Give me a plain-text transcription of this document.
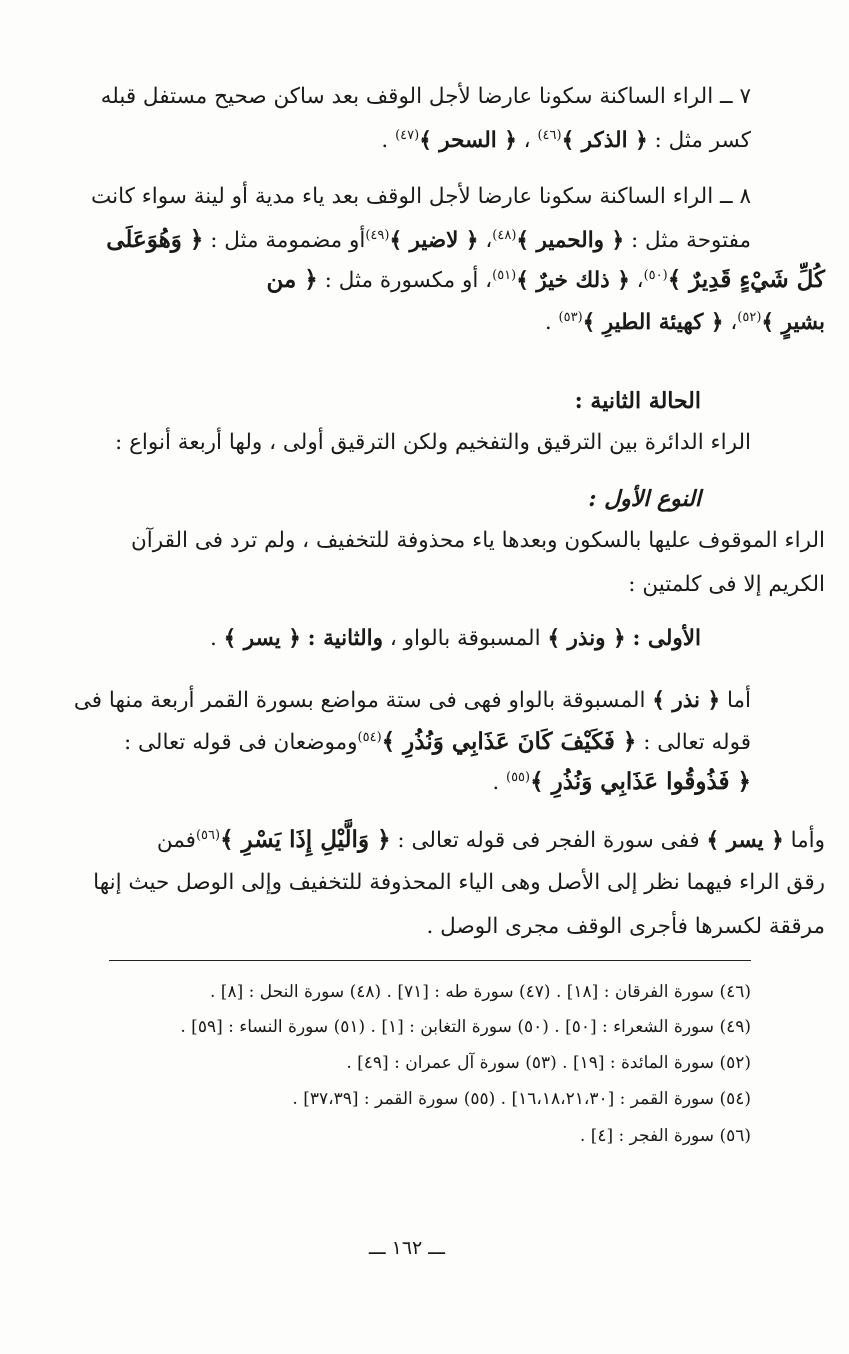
٧ ــ الراء الساكنة سكونا عارضا لأجل الوقف بعد ساكن صحيح مستفل قبله
كسر مثل : ﴿ الذكر ﴾$^{(٤٦)}$ ، ﴿ السحر ﴾$^{(٤٧)}$ .
٨ ــ الراء الساكنة سكونا عارضا لأجل الوقف بعد ياء مدية أو لينة سواء كانت
مفتوحة مثل : ﴿ والحمير ﴾$^{(٤٨)}$، ﴿ لاضير ﴾$^{(٤٩)}$أو مضمومة مثل : ﴿ وَهُوَعَلَى
كُلِّ شَيْءٍ قَدِيرٌ ﴾$^{(٥٠)}$، ﴿ ذلك خيرٌ ﴾$^{(٥١)}$، أو مكسورة مثل : ﴿ من
بشيرٍ ﴾$^{(٥٢)}$، ﴿ كهيئة الطيرِ ﴾$^{(٥٣)}$ .
الحالة الثانية :
الراء الدائرة بين الترقيق والتفخيم ولكن الترقيق أولى ، ولها أربعة أنواع :
النوع الأول :
الراء الموقوف عليها بالسكون وبعدها ياء محذوفة للتخفيف ، ولم ترد فى القرآن
الكريم إلا فى كلمتين :
الأولى : ﴿ ونذر ﴾ المسبوقة بالواو ، والثانية : ﴿ يسر ﴾ .
أما ﴿ نذر ﴾ المسبوقة بالواو فهى فى ستة مواضع بسورة القمر أربعة منها فى
قوله تعالى : ﴿ فَكَيْفَ كَانَ عَذَابِي وَنُذُرِ ﴾$^{(٥٤)}$وموضعان فى قوله تعالى :
﴿ فَذُوقُوا عَذَابِي وَنُذُرِ ﴾$^{(٥٥)}$ .
وأما ﴿ يسر ﴾ ففى سورة الفجر فى قوله تعالى : ﴿ وَالَّيْلِ إِذَا يَسْرِ ﴾$^{(٥٦)}$فمن
رقق الراء فيهما نظر إلى الأصل وهى الياء المحذوفة للتخفيف وإلى الوصل حيث إنها
مرققة لكسرها فأجرى الوقف مجرى الوصل .
(٤٦) سورة الفرقان : [١٨] . (٤٧) سورة طه : [٧١] . (٤٨) سورة النحل : [٨] .
(٤٩) سورة الشعراء : [٥٠] . (٥٠) سورة التغابن : [١] . (٥١) سورة النساء : [٥٩] .
(٥٢) سورة المائدة : [١٩] . (٥٣) سورة آل عمران : [٤٩] .
(٥٤) سورة القمر : [١٦،١٨،٢١،٣٠] . (٥٥) سورة القمر : [٣٧،٣٩] .
(٥٦) سورة الفجر : [٤] .
ـــ ١٦٢ ـــ
